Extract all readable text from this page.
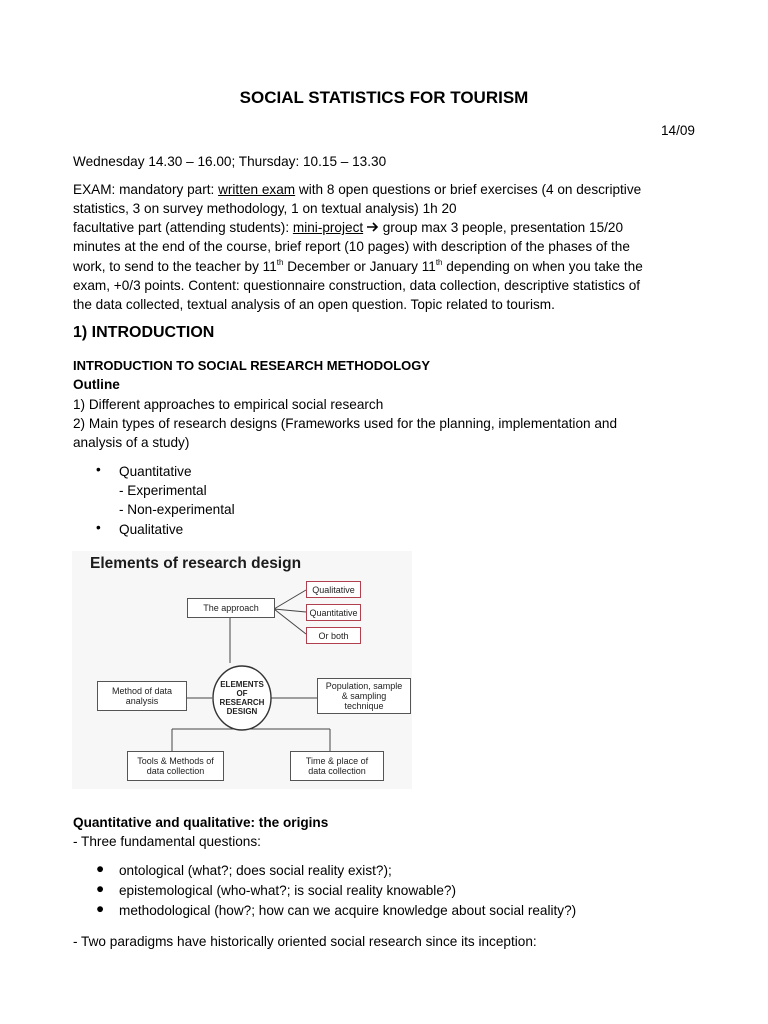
SOCIAL STATISTICS FOR TOURISM
14/09
Wednesday 14.30 – 16.00; Thursday: 10.15 – 13.30
EXAM: mandatory part: written exam with 8 open questions or brief exercises (4 on descriptive
statistics, 3 on survey methodology, 1 on textual analysis) 1h 20
facultative part (attending students): mini-project  group max 3 people, presentation 15/20
minutes at the end of the course, brief report (10 pages) with description of the phases of the
work, to send to the teacher by 11th December or January 11th depending on when you take the
exam, +0/3 points. Content: questionnaire construction, data collection, descriptive statistics of
the data collected, textual analysis of an open question. Topic related to tourism.
1) INTRODUCTION
INTRODUCTION TO SOCIAL RESEARCH METHODOLOGY
Outline
1) Different approaches to empirical social research
2) Main types of research designs (Frameworks used for the planning, implementation and
analysis of a study)
• Quantitative
- Experimental
- Non-experimental
• Qualitative
Elements of research design
The approach
Qualitative
Quantitative
Or both
ELEMENTS
OF
RESEARCH
DESIGN
Method of data
analysis
Population, sample
& sampling
technique
Tools & Methods of
data collection
Time & place of
data collection
Quantitative and qualitative: the origins
- Three fundamental questions:
● ontological (what?; does social reality exist?);
● epistemological (who-what?; is social reality knowable?)
● methodological (how?; how can we acquire knowledge about social reality?)
- Two paradigms have historically oriented social research since its inception:
